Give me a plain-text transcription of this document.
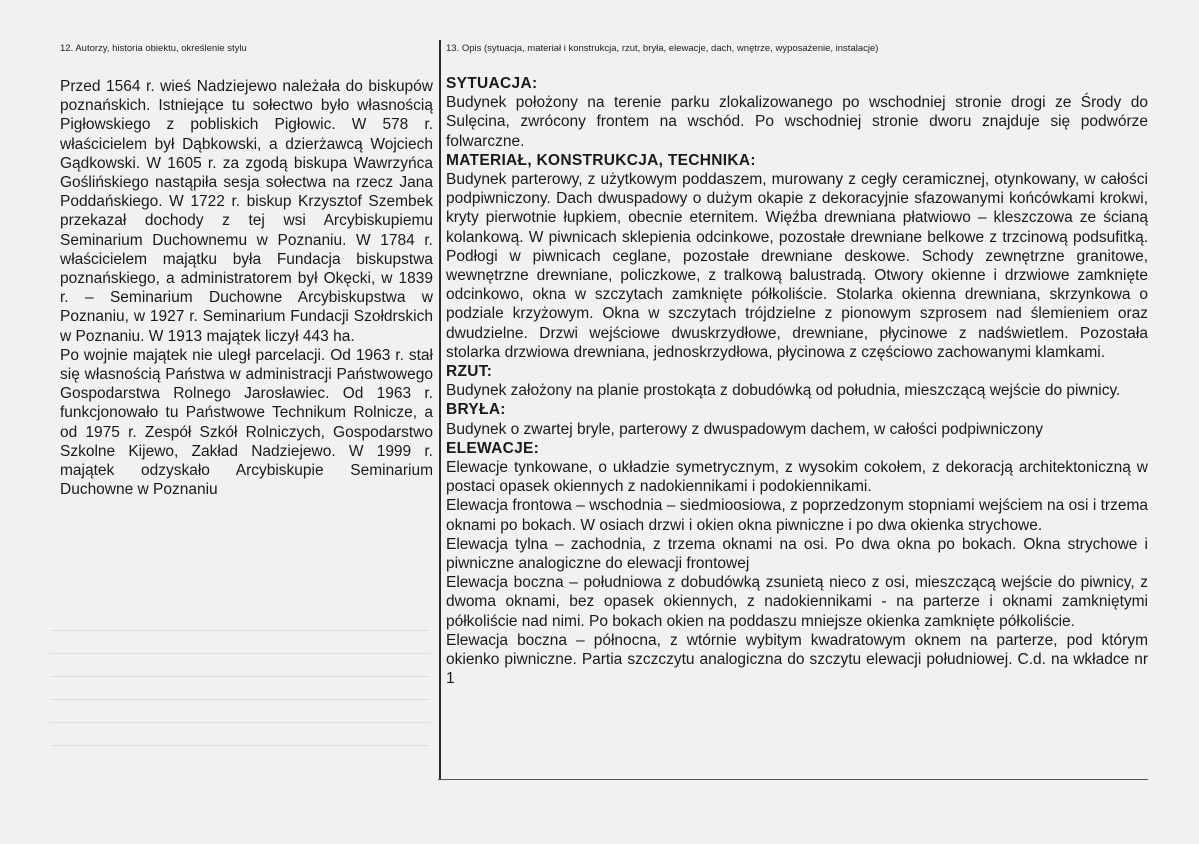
12. Autorzy, historia obiektu, określenie stylu	13. Opis (sytuacja, materiał i konstrukcja, rzut, bryła, elewacje, dach, wnętrze, wyposażenie, instalacje)

Przed 1564 r. wieś Nadziejewo należała do biskupów poznańskich. Istniejące tu sołectwo było własnością Pigłowskiego z pobliskich Pigłowic. W 578 r. właścicielem był Dąbkowski, a dzierżawcą Wojciech Gądkowski. W 1605 r. za zgodą biskupa Wawrzyńca Goślińskiego nastąpiła sesja sołectwa na rzecz Jana Poddańskiego. W 1722 r. biskup Krzysztof Szembek przekazał dochody z tej wsi Arcybiskupiemu Seminarium Duchownemu w Poznaniu. W 1784 r. właścicielem majątku była Fundacja biskupstwa poznańskiego, a administratorem był Okęcki, w 1839 r. – Seminarium Duchowne Arcybiskupstwa w Poznaniu, w 1927 r. Seminarium Fundacji Szołdrskich w Poznaniu. W 1913 majątek liczył 443 ha.

Po wojnie majątek nie uległ parcelacji. Od 1963 r. stał się własnością Państwa w administracji Państwowego Gospodarstwa Rolnego Jarosławiec. Od 1963 r. funkcjonowało tu Państwowe Technikum Rolnicze, a od 1975 r. Zespół Szkół Rolniczych, Gospodarstwo Szkolne Kijewo, Zakład Nadziejewo. W 1999 r. majątek odzyskało Arcybiskupie Seminarium Duchowne w Poznaniu

SYTUACJA:

Budynek położony na terenie parku zlokalizowanego po wschodniej stronie drogi ze Środy do Sulęcina, zwrócony frontem na wschód. Po wschodniej stronie dworu znajduje się podwórze folwarczne.

MATERIAŁ, KONSTRUKCJA, TECHNIKA:

Budynek parterowy, z użytkowym poddaszem, murowany z cegły ceramicznej, otynkowany, w całości podpiwniczony. Dach dwuspadowy o dużym okapie z dekoracyjnie sfazowanymi końcówkami krokwi, kryty pierwotnie łupkiem, obecnie eternitem. Więźba drewniana płatwiowo – kleszczowa ze ścianą kolankową. W piwnicach sklepienia odcinkowe, pozostałe drewniane belkowe z trzcinową podsufitką. Podłogi w piwnicach ceglane, pozostałe drewniane deskowe. Schody zewnętrzne granitowe, wewnętrzne drewniane, policzkowe, z tralkową balustradą. Otwory okienne i drzwiowe zamknięte odcinkowo, okna w szczytach zamknięte półkoliście. Stolarka okienna drewniana, skrzynkowa o podziale krzyżowym. Okna w szczytach trójdzielne z pionowym szprosem nad ślemieniem oraz dwudzielne. Drzwi wejściowe dwuskrzydłowe, drewniane, płycinowe z nadświetlem. Pozostała stolarka drzwiowa drewniana, jednoskrzydłowa, płycinowa z częściowo zachowanymi klamkami.

RZUT:

Budynek założony na planie prostokąta z dobudówką od południa, mieszczącą wejście do piwnicy.

BRYŁA:

Budynek o zwartej bryle, parterowy z dwuspadowym dachem, w całości podpiwniczony

ELEWACJE:

Elewacje tynkowane, o układzie symetrycznym, z wysokim cokołem, z dekoracją architektoniczną w postaci opasek okiennych z nadokiennikami i podokiennikami.

Elewacja frontowa – wschodnia – siedmioosiowa, z poprzedzonym stopniami wejściem na osi i trzema oknami po bokach. W osiach drzwi i okien okna piwniczne i po dwa okienka strychowe.

Elewacja tylna – zachodnia, z trzema oknami na osi. Po dwa okna po bokach. Okna strychowe i piwniczne analogiczne do elewacji frontowej

Elewacja boczna – południowa z dobudówką zsunietą nieco z osi, mieszczącą wejście do piwnicy, z dwoma oknami, bez opasek okiennych, z nadokiennikami - na parterze i oknami zamkniętymi półkoliście nad nimi. Po bokach okien na poddaszu mniejsze okienka zamknięte półkoliście.

Elewacja boczna – północna, z wtórnie wybitym kwadratowym oknem na parterze, pod którym okienko piwniczne. Partia szczczytu analogiczna do szczytu elewacji południowej. C.d. na wkładce nr 1
